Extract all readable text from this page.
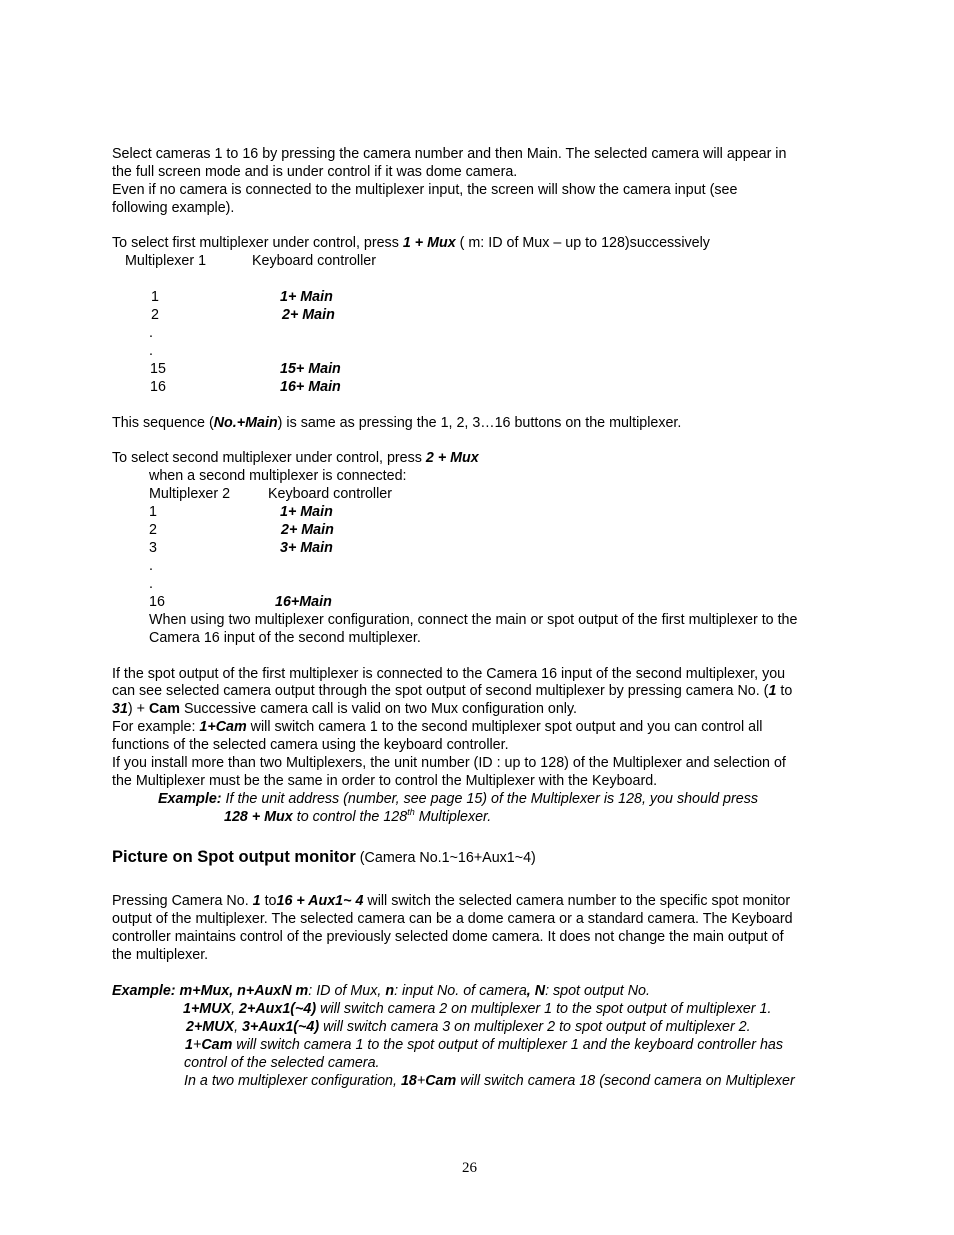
Select cameras 1 to 16 by pressing the camera number and then Main. The selected camera will appear in
the full screen mode and is under control if it was dome camera.
Even if no camera is connected to the multiplexer input, the screen will show the camera input (see
following example).
To select first multiplexer under control, press 1 + Mux ( m: ID of Mux – up to 128)successively
Multiplexer 1	Keyboard controller
1	1+ Main
2	2+ Main
.
.
15	15+ Main
16	16+ Main
This sequence (No.+Main) is same as pressing the 1, 2, 3…16 buttons on the multiplexer.
To select second multiplexer under control, press 2 + Mux
when a second multiplexer is connected:
Multiplexer 2	Keyboard controller
1	1+ Main
2	2+ Main
3	3+ Main
.
.
16	16+Main
When using two multiplexer configuration, connect the main or spot output of the first multiplexer to the
Camera 16 input of the second multiplexer.
If the spot output of the first multiplexer is connected to the Camera 16 input of the second multiplexer, you
can see selected camera output through the spot output of second multiplexer by pressing camera No. (1 to
31) + Cam Successive camera call is valid on two Mux configuration only.
For example: 1+Cam will switch camera 1 to the second multiplexer spot output and you can control all
functions of the selected camera using the keyboard controller.
If you install more than two Multiplexers, the unit number (ID : up to 128) of the Multiplexer and selection of
the Multiplexer must be the same in order to control the Multiplexer with the Keyboard.
Example: If the unit address (number, see page 15) of the Multiplexer is 128, you should press
128 + Mux to control the 128th Multiplexer.
Picture on Spot output monitor (Camera No.1~16+Aux1~4)
Pressing Camera No. 1 to16 + Aux1~ 4 will switch the selected camera number to the specific spot monitor
output of the multiplexer. The selected camera can be a dome camera or a standard camera. The Keyboard
controller maintains control of the previously selected dome camera. It does not change the main output of
the multiplexer.
Example: m+Mux, n+AuxN m: ID of Mux, n: input No. of camera, N: spot output No.
1+MUX, 2+Aux1(~4) will switch camera 2 on multiplexer 1 to the spot output of multiplexer 1.
2+MUX, 3+Aux1(~4) will switch camera 3 on multiplexer 2 to spot output of multiplexer 2.
1+Cam will switch camera 1 to the spot output of multiplexer 1 and the keyboard controller has
control of the selected camera.
In a two multiplexer configuration, 18+Cam will switch camera 18 (second camera on Multiplexer
26
